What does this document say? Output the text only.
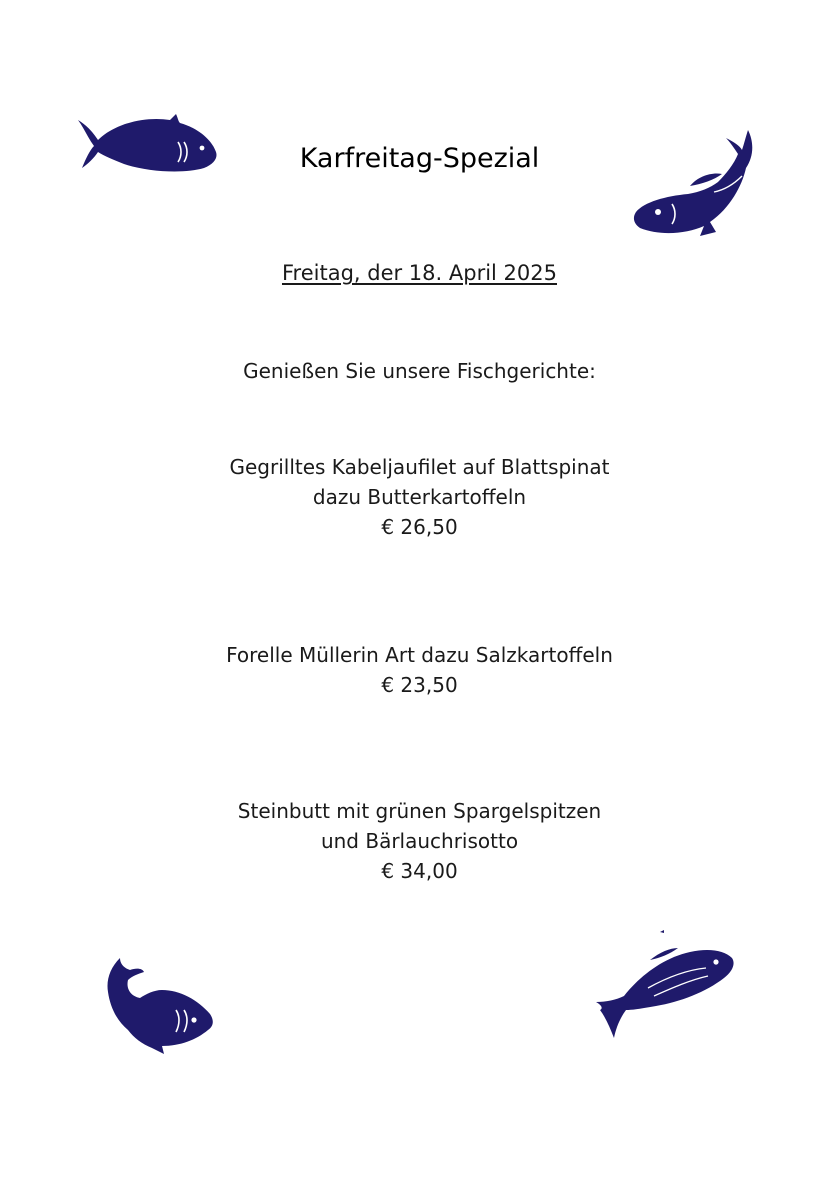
Karfreitag-Spezial
Freitag, der 18. April 2025
Genießen Sie unsere Fischgerichte:
Gegrilltes Kabeljaufilet auf Blattspinat
dazu Butterkartoffeln
€ 26,50
Forelle Müllerin Art dazu Salzkartoffeln
€ 23,50
Steinbutt mit grünen Spargelspitzen
und Bärlauchrisotto
€ 34,00
